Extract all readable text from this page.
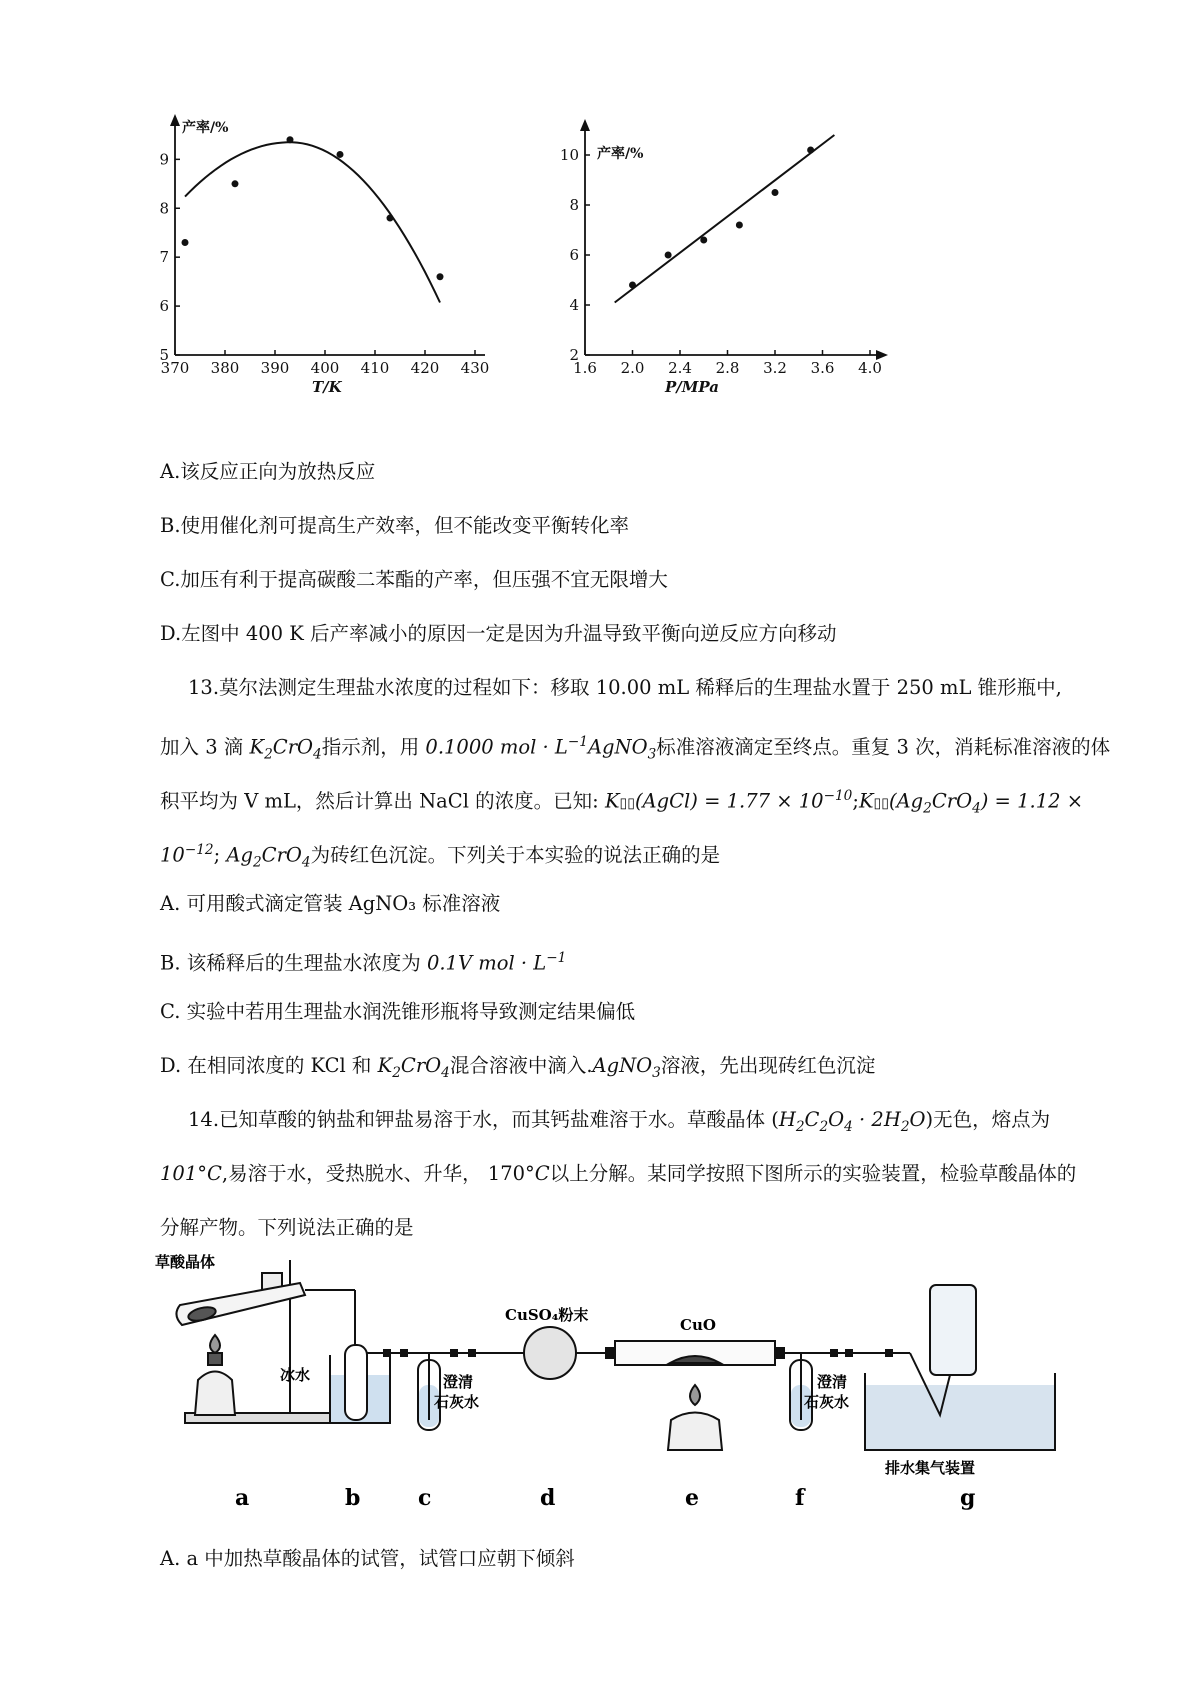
产率/%
T/K
370 380 390 400 410 420 430
5
6
7
8
9	产率/%
P/MPa
1.6 2.0 2.4 2.8 3.2 3.6 4.0
2
4
6
8
10
A.该反应正向为放热反应
B.使用催化剂可提高生产效率，但不能改变平衡转化率
C.加压有利于提高碳酸二苯酯的产率，但压强不宜无限增大
D.左图中 400 K 后产率减小的原因一定是因为升温导致平衡向逆反应方向移动
13.莫尔法测定生理盐水浓度的过程如下：移取 10.00 mL 稀释后的生理盐水置于 250 mL 锥形瓶中,
加入 3 滴 $K_2CrO_4$指示剂，用 0.1000 mol · $L^{-1}AgNO_3$标准溶液滴定至终点。重复 3 次，消耗标准溶液的体
积平均为 V mL，然后计算出 NaCl 的浓度。已知: K▯▯(AgCl) = $1.77 \times 10^{-10};K▯▯(Ag_2CrO_4) = 1.12$ ×
$10^{-12}$; $Ag_2CrO_4$为砖红色沉淀。下列关于本实验的说法正确的是
A. 可用酸式滴定管装 AgNO₃ 标准溶液
B. 该稀释后的生理盐水浓度为 0.1V mol · $L^{-1}$
C. 实验中若用生理盐水润洗锥形瓶将导致测定结果偏低
D. 在相同浓度的 KCl 和 $K_2CrO_4$混合溶液中滴入.AgNO$_3$溶液，先出现砖红色沉淀
14.已知草酸的钠盐和钾盐易溶于水，而其钙盐难溶于水。草酸晶体 $(H_2C_2O_4 \cdot 2H_2O)$无色，熔点为
101°C,易溶于水，受热脱水、升华， 170°C以上分解。某同学按照下图所示的实验装置，检验草酸晶体的
分解产物。下列说法正确的是
草酸晶体
冰水	澄清
石灰水
CuSO₄粉末
CuO
澄清
石灰水
排水集气装置
a	b	c	d	e	f	g
A. a 中加热草酸晶体的试管，试管口应朝下倾斜
